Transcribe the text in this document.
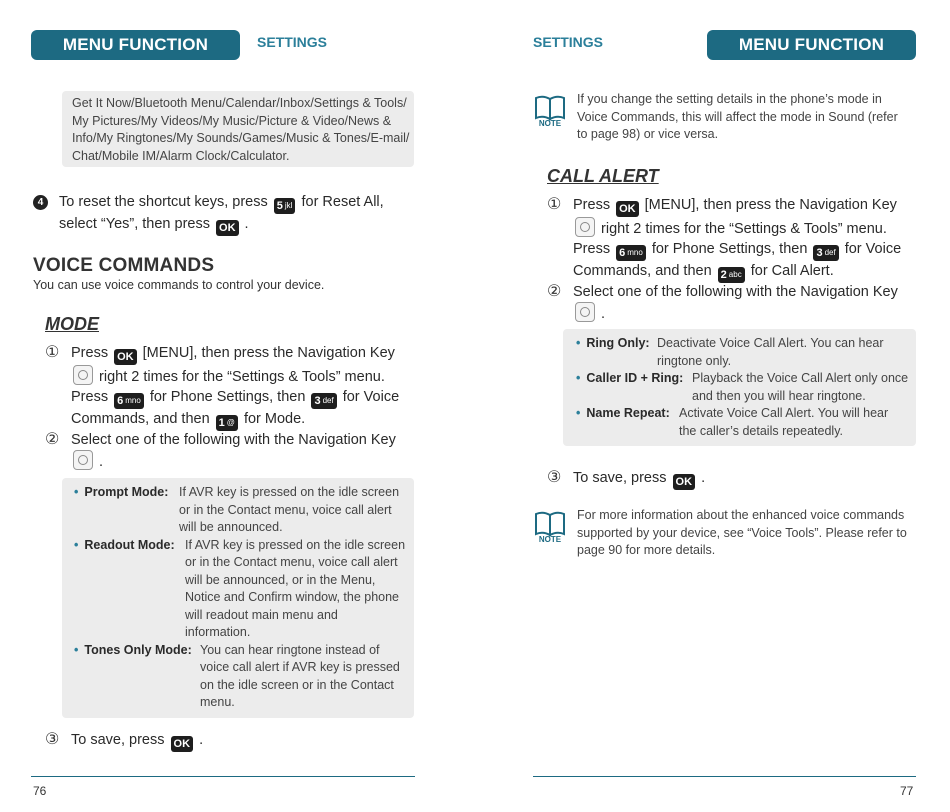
MENU FUNCTION	SETTINGS
Get It Now/Bluetooth Menu/Calendar/Inbox/Settings & Tools/
My Pictures/My Videos/My Music/Picture & Video/News &
Info/My Ringtones/My Sounds/Games/Music & Tones/E-mail/
Chat/Mobile IM/Alarm Clock/Calculator.
4	To reset the shortcut keys, press 5 $^{jkl}$ for Reset All,
select “Yes”, then press OK .
VOICE COMMANDS
You can use voice commands to control your device.
MODE
① Press OK [MENU], then press the Navigation Key
right 2 times for the “Settings & Tools” menu.
Press 6 $^{mno}$ for Phone Settings, then 3 $^{def}$ for Voice
Commands, and then 1 @ for Mode.
② Select one of the following with the Navigation Key
.
• Prompt Mode: If AVR key is pressed on the idle screen
or in the Contact menu, voice call alert
will be announced.
• Readout Mode: If AVR key is pressed on the idle screen
or in the Contact menu, voice call alert
will be announced, or in the Menu,
Notice and Confirm window, the phone
will readout main menu and
information.
• Tones Only Mode: You can hear ringtone instead of
voice call alert if AVR key is pressed
on the idle screen or in the Contact
menu.
③ To save, press OK .
76
SETTINGS	MENU FUNCTION
NOTE
If you change the setting details in the phone’s mode in
Voice Commands, this will affect the mode in Sound (refer
to page 98) or vice versa.
CALL ALERT
① Press OK [MENU], then press the Navigation Key
right 2 times for the “Settings & Tools” menu.
Press 6 $^{mno}$ for Phone Settings, then 3 $^{def}$ for Voice
Commands, and then 2 $^{abc}$ for Call Alert.
② Select one of the following with the Navigation Key
.
• Ring Only: Deactivate Voice Call Alert. You can hear
ringtone only.
• Caller ID + Ring: Playback the Voice Call Alert only once
and then you will hear ringtone.
• Name Repeat: Activate Voice Call Alert. You will hear
the caller’s details repeatedly.
③ To save, press OK .
NOTE
For more information about the enhanced voice commands
supported by your device, see “Voice Tools”. Please refer to
page 90 for more details.
77
